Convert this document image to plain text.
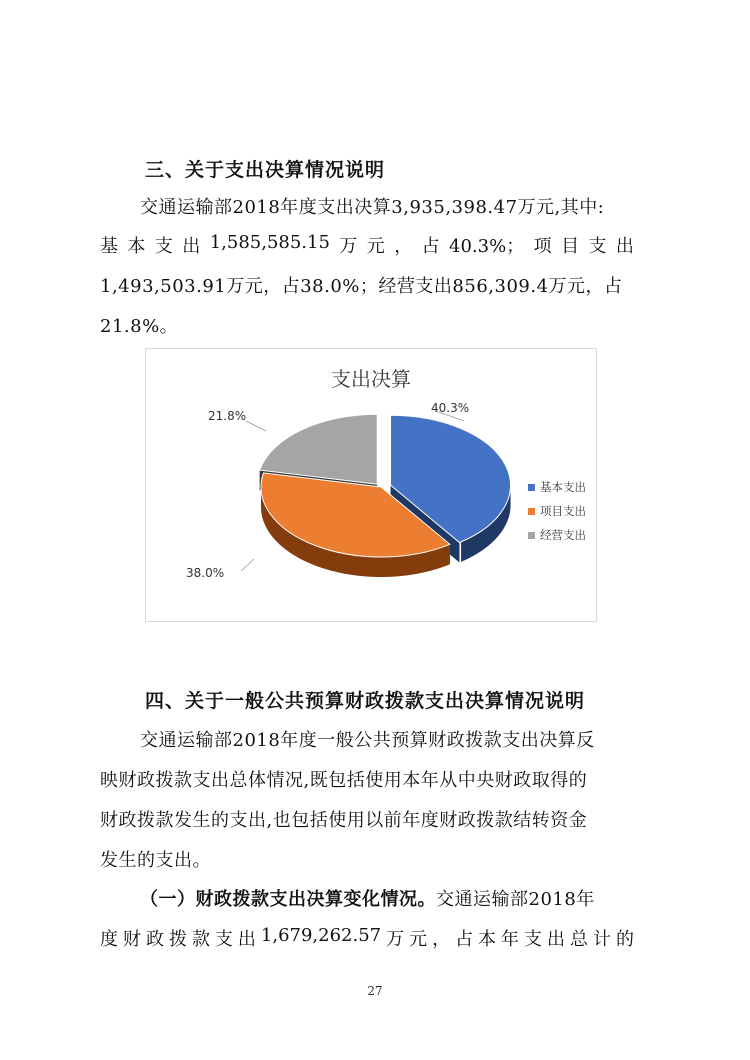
三、关于支出决算情况说明
交通运输部2018年度支出决算3,935,398.47万元,其中:
基 本 支 出 1,585,585.15 万 元 ， 占 40.3%； 项 目 支 出
1,493,503.91万元，占38.0%；经营支出856,309.4万元，占
21.8%。
支出决算
40.3%
38.0%
21.8%
基本支出
项目支出
经营支出
四、关于一般公共预算财政拨款支出决算情况说明
交通运输部2018年度一般公共预算财政拨款支出决算反
映财政拨款支出总体情况,既包括使用本年从中央财政取得的
财政拨款发生的支出,也包括使用以前年度财政拨款结转资金
发生的支出。
（一）财政拨款支出决算变化情况。交通运输部2018年
度 财 政 拨 款 支 出 1,679,262.57 万 元 ， 占 本 年 支 出 总 计 的
27
